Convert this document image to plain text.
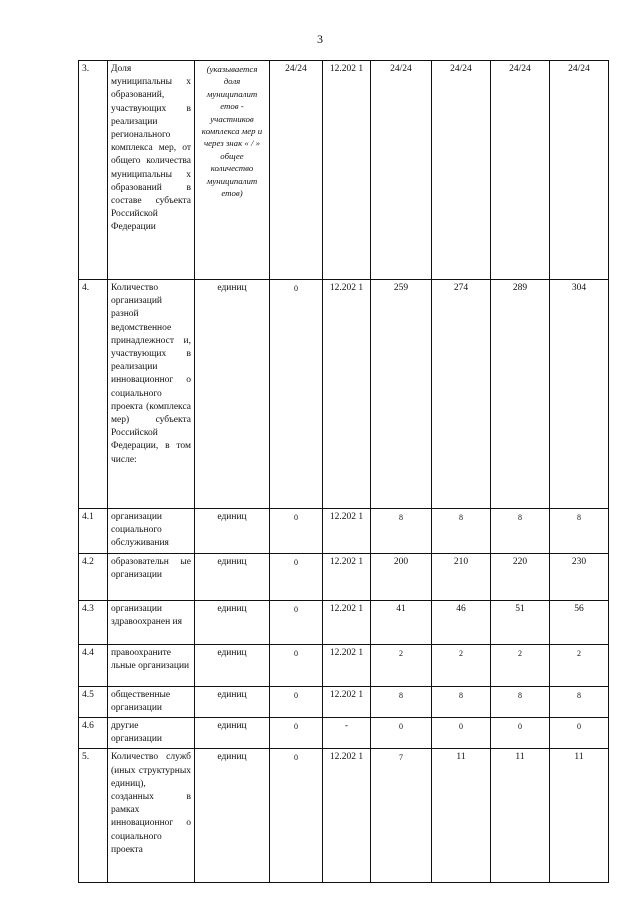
3
3.	Доля муниципальны х образований, участвующих в реализации регионального комплекса мер, от общего количества муниципальны х образований в составе субъекта Российской Федерации	(указывается доля муниципалит етов - участников комплекса мер и через знак « / » общее количество муниципалит етов)	24/24	12.202 1	24/24	24/24	24/24	24/24
4.	Количество организаций разной ведомственное принадлежност и, участвующих в реализации инновационног о социального проекта (комплекса мер) субъекта Российской Федерации, в том числе:	единиц	0	12.202 1	259	274	289	304
4.1	организации социального обслуживания	единиц	0	12.202 1	8	8	8	8
4.2	образовательн ые организации	единиц	0	12.202 1	200	210	220	230
4.3	организации здравоохранен ия	единиц	0	12.202 1	41	46	51	56
4.4	правоохраните льные организации	единиц	0	12.202 1	2	2	2	2
4.5	общественные организации	единиц	0	12.202 1	8	8	8	8
4.6	другие организации	единиц	0	-	0	0	0	0
5.	Количество служб (иных структурных единиц), созданных в рамках инновационног о социального проекта	единиц	0	12.202 1	7	11	11	11
